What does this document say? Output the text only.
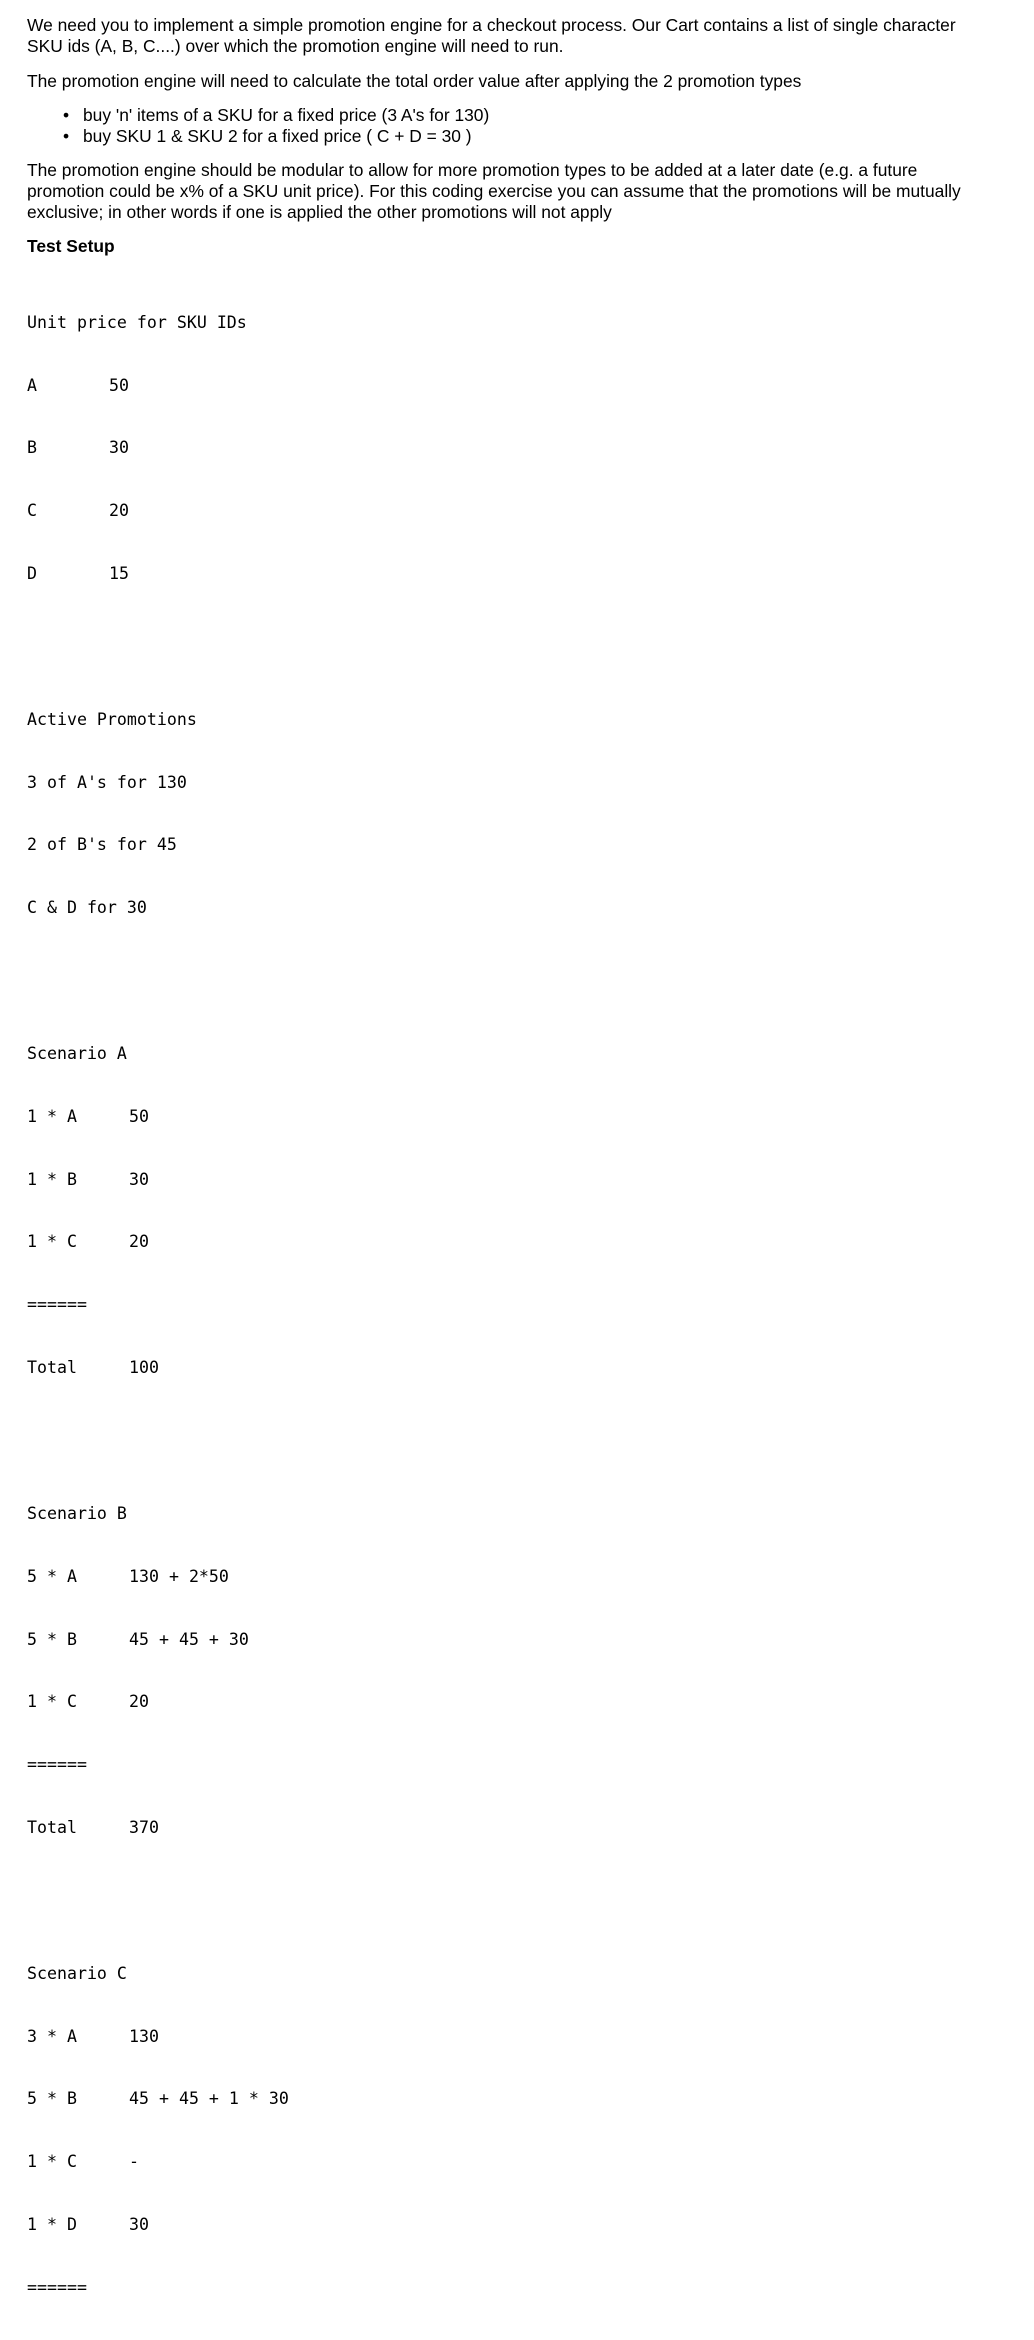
We need you to implement a simple promotion engine for a checkout process. Our Cart contains a list of single character
SKU ids (A, B, C....) over which the promotion engine will need to run.

The promotion engine will need to calculate the total order value after applying the 2 promotion types

• buy 'n' items of a SKU for a fixed price (3 A's for 130)
• buy SKU 1 & SKU 2 for a fixed price ( C + D = 30 )

The promotion engine should be modular to allow for more promotion types to be added at a later date (e.g. a future
promotion could be x% of a SKU unit price). For this coding exercise you can assume that the promotions will be mutually
exclusive; in other words if one is applied the other promotions will not apply

Test Setup

Unit price for SKU IDs

A	50

B	30

C	20

D	15

Active Promotions

3 of A's for 130

2 of B's for 45

C & D for 30

Scenario A

1 * A	50

1 * B	30

1 * C	20

======

Total	100

Scenario B

5 * A	130 + 2*50

5 * B	45 + 45 + 30

1 * C	20

======

Total	370

Scenario C

3 * A	130

5 * B	45 + 45 + 1 * 30

1 * C	-

1 * D	30

======
